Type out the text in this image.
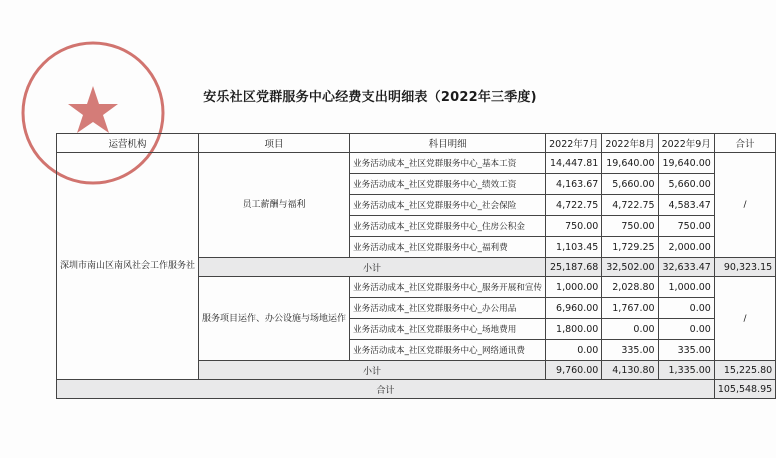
安乐社区党群服务中心经费支出明细表（2022年三季度)
运营机构	项目	科目明细	2022年7月	2022年8月	2022年9月	合计
深圳市南山区南风社会工作服务社	员工薪酬与福利	业务活动成本_社区党群服务中心_基本工资	14,447.81	19,640.00	19,640.00	/
		业务活动成本_社区党群服务中心_绩效工资	4,163.67	5,660.00	5,660.00	
		业务活动成本_社区党群服务中心_社会保险	4,722.75	4,722.75	4,583.47	
		业务活动成本_社区党群服务中心_住房公积金	750.00	750.00	750.00	
		业务活动成本_社区党群服务中心_福利费	1,103.45	1,729.25	2,000.00	
	小计		25,187.68	32,502.00	32,633.47	90,323.15
	服务项目运作、办公设施与场地运作	业务活动成本_社区党群服务中心_服务开展和宣传	1,000.00	2,028.80	1,000.00	/
		业务活动成本_社区党群服务中心_办公用品	6,960.00	1,767.00	0.00	
		业务活动成本_社区党群服务中心_场地费用	1,800.00	0.00	0.00	
		业务活动成本_社区党群服务中心_网络通讯费	0.00	335.00	335.00	
	小计		9,760.00	4,130.80	1,335.00	15,225.80
合计						105,548.95
